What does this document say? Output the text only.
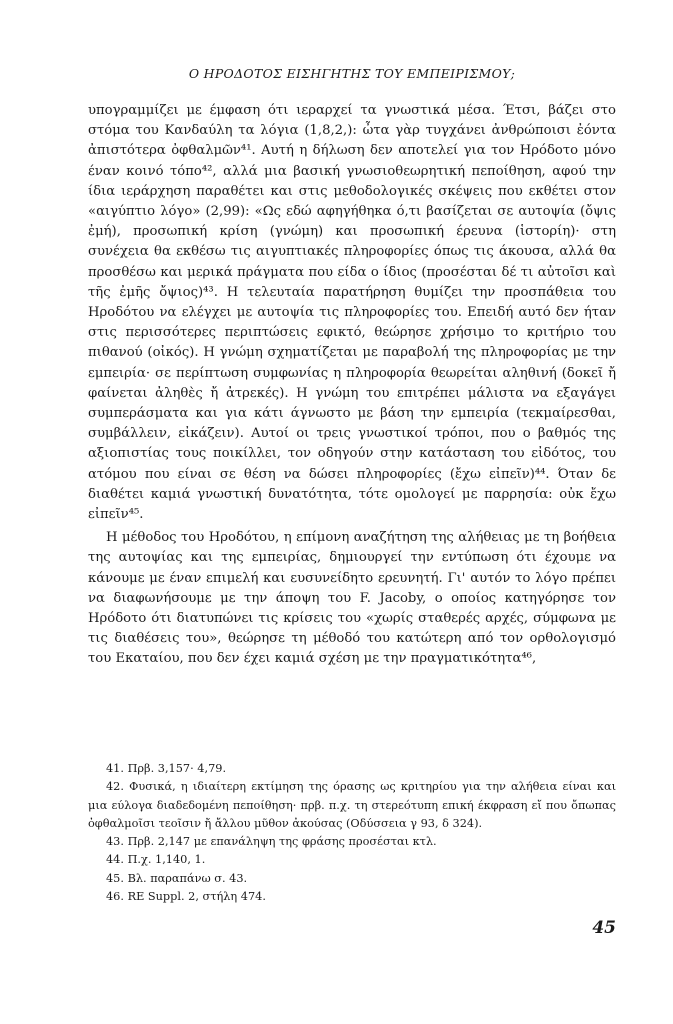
Ο ΗΡΟΔΟΤΟΣ ΕΙΣΗΓΗΤΗΣ ΤΟΥ ΕΜΠΕΙΡΙΣΜΟΥ;

υπογραμμίζει με έμφαση ότι ιεραρχεί τα γνωστικά μέσα. Έτσι, βάζει στο στόμα του Κανδαύλη τα λόγια (1,8,2,): ὦτα γὰρ τυγχάνει ἀνθρώποισι ἐόντα ἀπιστότερα ὀφθαλμῶν⁴¹. Αυτή η δήλωση δεν αποτελεί για τον Ηρόδοτο μόνο έναν κοινό τόπο⁴², αλλά μια βασική γνωσιοθεωρητική πεποίθηση, αφού την ίδια ιεράρχηση παραθέτει και στις μεθοδολογικές σκέψεις που εκθέτει στον «αιγύπτιο λόγο» (2,99): «Ως εδώ αφηγήθηκα ό,τι βασίζεται σε αυτοψία (ὄψις ἐμή), προσωπική κρίση (γνώμη) και προσωπική έρευνα (ἱστορίη)· στη συνέχεια θα εκθέσω τις αιγυπτιακές πληροφορίες όπως τις άκουσα, αλλά θα προσθέσω και μερικά πράγματα που είδα ο ίδιος (προσέσται δέ τι αὐτοῖσι καὶ τῆς ἐμῆς ὄψιος)⁴³. Η τελευταία παρατήρηση θυμίζει την προσπάθεια του Ηροδότου να ελέγχει με αυτοψία τις πληροφορίες του. Επειδή αυτό δεν ήταν στις περισσότερες περιπτώσεις εφικτό, θεώρησε χρήσιμο το κριτήριο του πιθανού (οἰκός). Η γνώμη σχηματίζεται με παραβολή της πληροφορίας με την εμπειρία· σε περίπτωση συμφωνίας η πληροφορία θεωρείται αληθινή (δοκεῖ ἤ φαίνεται ἀληθὲς ἤ ἀτρεκές). Η γνώμη του επιτρέπει μάλιστα να εξαγάγει συμπεράσματα και για κάτι άγνωστο με βάση την εμπειρία (τεκμαίρεσθαι, συμβάλλειν, εἰκάζειν). Αυτοί οι τρεις γνωστικοί τρόποι, που ο βαθμός της αξιοπιστίας τους ποικίλλει, τον οδηγούν στην κατάσταση του εἰδότος, του ατόμου που είναι σε θέση να δώσει πληροφορίες (ἔχω εἰπεῖν)⁴⁴. Όταν δε διαθέτει καμιά γνωστική δυνατότητα, τότε ομολογεί με παρρησία: οὐκ ἔχω εἰπεῖν⁴⁵.

Η μέθοδος του Ηροδότου, η επίμονη αναζήτηση της αλήθειας με τη βοήθεια της αυτοψίας και της εμπειρίας, δημιουργεί την εντύπωση ότι έχουμε να κάνουμε με έναν επιμελή και ευσυνείδητο ερευνητή. Γι' αυτόν το λόγο πρέπει να διαφωνήσουμε με την άποψη του F. Jacoby, ο οποίος κατηγόρησε τον Ηρόδοτο ότι διατυπώνει τις κρίσεις του «χωρίς σταθερές αρχές, σύμφωνα με τις διαθέσεις του», θεώρησε τη μέθοδό του κατώτερη από τον ορθολογισμό του Εκαταίου, που δεν έχει καμιά σχέση με την πραγματικότητα⁴⁶,

41. Πρβ. 3,157· 4,79.
42. Φυσικά, η ιδιαίτερη εκτίμηση της όρασης ως κριτηρίου για την αλήθεια είναι και μια εύλογα διαδεδομένη πεποίθηση· πρβ. π.χ. τη στερεότυπη επική έκφραση εἴ που ὄπωπας ὀφθαλμοῖσι τεοῖσιν ἤ ἄλλου μῦθον ἀκούσας (Οδύσσεια γ 93, δ 324).
43. Πρβ. 2,147 με επανάληψη της φράσης προσέσται κτλ.
44. Π.χ. 1,140, 1.
45. Βλ. παραπάνω σ. 43.
46. RE Suppl. 2, στήλη 474.
45
